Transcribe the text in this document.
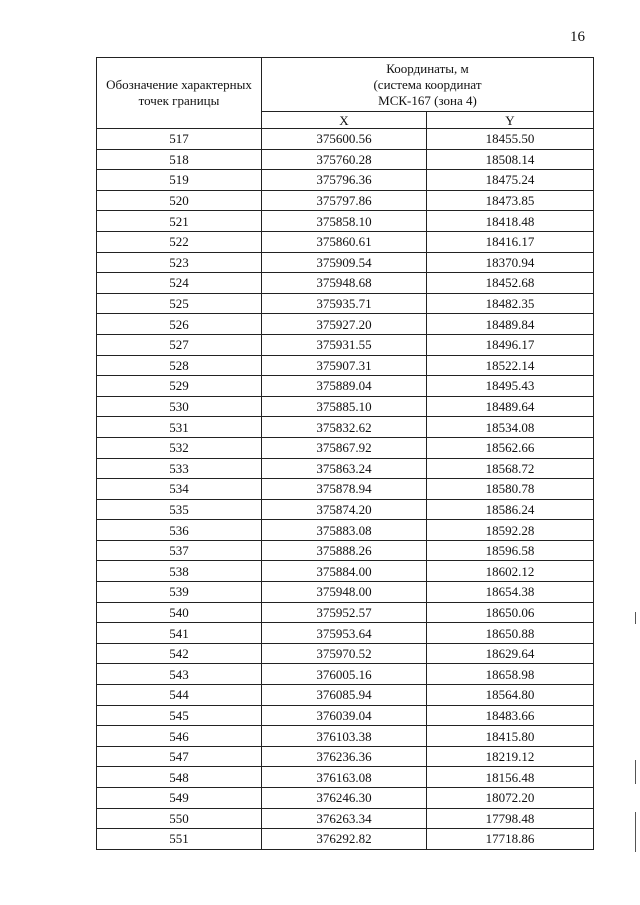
16
Обозначение характерных точек границы	Координаты, м
(система координат
МСК-167 (зона 4)	

	X	Y
517	375600.56	18455.50
518	375760.28	18508.14
519	375796.36	18475.24
520	375797.86	18473.85
521	375858.10	18418.48
522	375860.61	18416.17
523	375909.54	18370.94
524	375948.68	18452.68
525	375935.71	18482.35
526	375927.20	18489.84
527	375931.55	18496.17
528	375907.31	18522.14
529	375889.04	18495.43
530	375885.10	18489.64
531	375832.62	18534.08
532	375867.92	18562.66
533	375863.24	18568.72
534	375878.94	18580.78
535	375874.20	18586.24
536	375883.08	18592.28
537	375888.26	18596.58
538	375884.00	18602.12
539	375948.00	18654.38
540	375952.57	18650.06
541	375953.64	18650.88
542	375970.52	18629.64
543	376005.16	18658.98
544	376085.94	18564.80
545	376039.04	18483.66
546	376103.38	18415.80
547	376236.36	18219.12
548	376163.08	18156.48
549	376246.30	18072.20
550	376263.34	17798.48
551	376292.82	17718.86
